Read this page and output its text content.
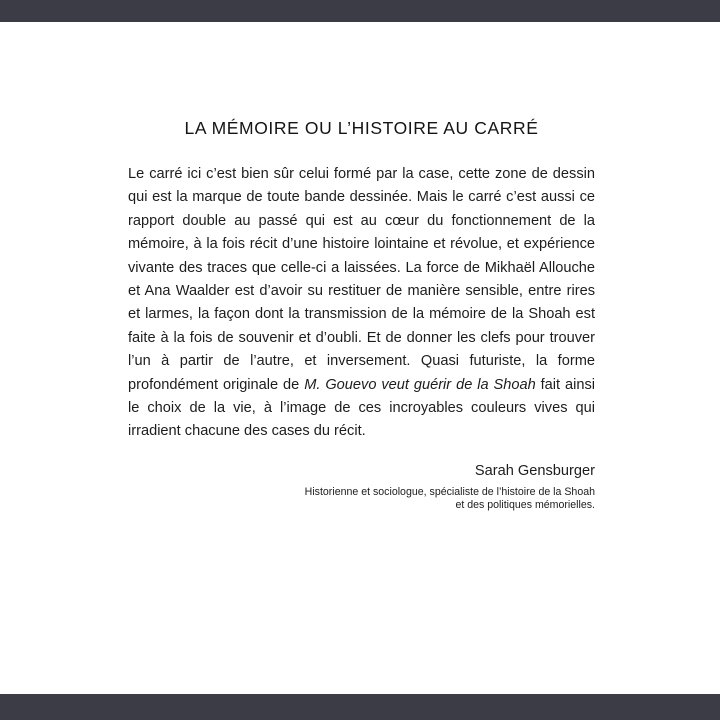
LA MÉMOIRE OU L’HISTOIRE AU CARRÉ

Le carré ici c’est bien sûr celui formé par la case, cette zone de dessin qui est la marque de toute bande dessinée. Mais le carré c’est aussi ce rapport double au passé qui est au cœur du fonctionnement de la mémoire, à la fois récit d’une histoire lointaine et révolue, et expérience vivante des traces que celle-ci a laissées. La force de Mikhaël Allouche et Ana Waalder est d’avoir su restituer de manière sensible, entre rires et larmes, la façon dont la transmission de la mémoire de la Shoah est faite à la fois de souvenir et d’oubli. Et de donner les clefs pour trouver l’un à partir de l’autre, et inversement. Quasi futuriste, la forme profondément originale de M. Gouevo veut guérir de la Shoah fait ainsi le choix de la vie, à l’image de ces incroyables couleurs vives qui irradient chacune des cases du récit.

Sarah Gensburger
Historienne et sociologue, spécialiste de l’histoire de la Shoah
et des politiques mémorielles.
